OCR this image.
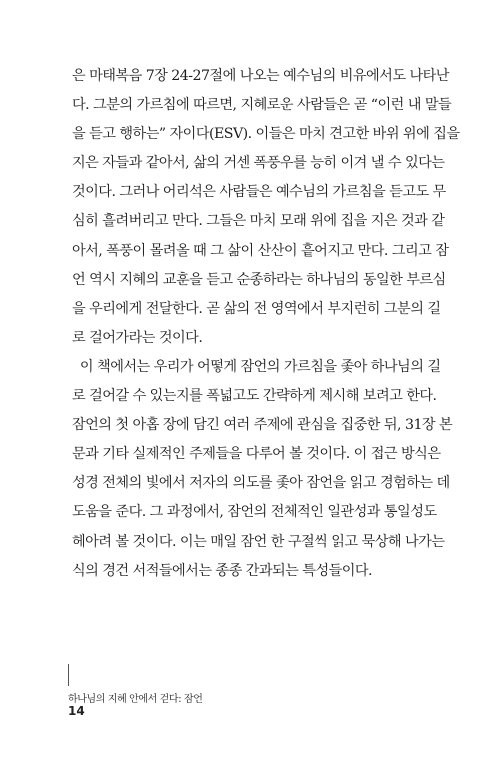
은 마태복음 7장 24-27절에 나오는 예수님의 비유에서도 나타난
다. 그분의 가르침에 따르면, 지혜로운 사람들은 곧 “이런 내 말들
을 듣고 행하는” 자이다(ESV). 이들은 마치 견고한 바위 위에 집을
지은 자들과 같아서, 삶의 거센 폭풍우를 능히 이겨 낼 수 있다는
것이다. 그러나 어리석은 사람들은 예수님의 가르침을 듣고도 무
심히 흘려버리고 만다. 그들은 마치 모래 위에 집을 지은 것과 같
아서, 폭풍이 몰려올 때 그 삶이 산산이 흩어지고 만다. 그리고 잠
언 역시 지혜의 교훈을 듣고 순종하라는 하나님의 동일한 부르심
을 우리에게 전달한다. 곧 삶의 전 영역에서 부지런히 그분의 길
로 걸어가라는 것이다.
이 책에서는 우리가 어떻게 잠언의 가르침을 좇아 하나님의 길
로 걸어갈 수 있는지를 폭넓고도 간략하게 제시해 보려고 한다.
잠언의 첫 아홉 장에 담긴 여러 주제에 관심을 집중한 뒤, 31장 본
문과 기타 실제적인 주제들을 다루어 볼 것이다. 이 접근 방식은
성경 전체의 빛에서 저자의 의도를 좇아 잠언을 읽고 경험하는 데
도움을 준다. 그 과정에서, 잠언의 전체적인 일관성과 통일성도
헤아려 볼 것이다. 이는 매일 잠언 한 구절씩 읽고 묵상해 나가는
식의 경건 서적들에서는 종종 간과되는 특성들이다.
하나님의 지혜 안에서 걷다: 잠언
14
